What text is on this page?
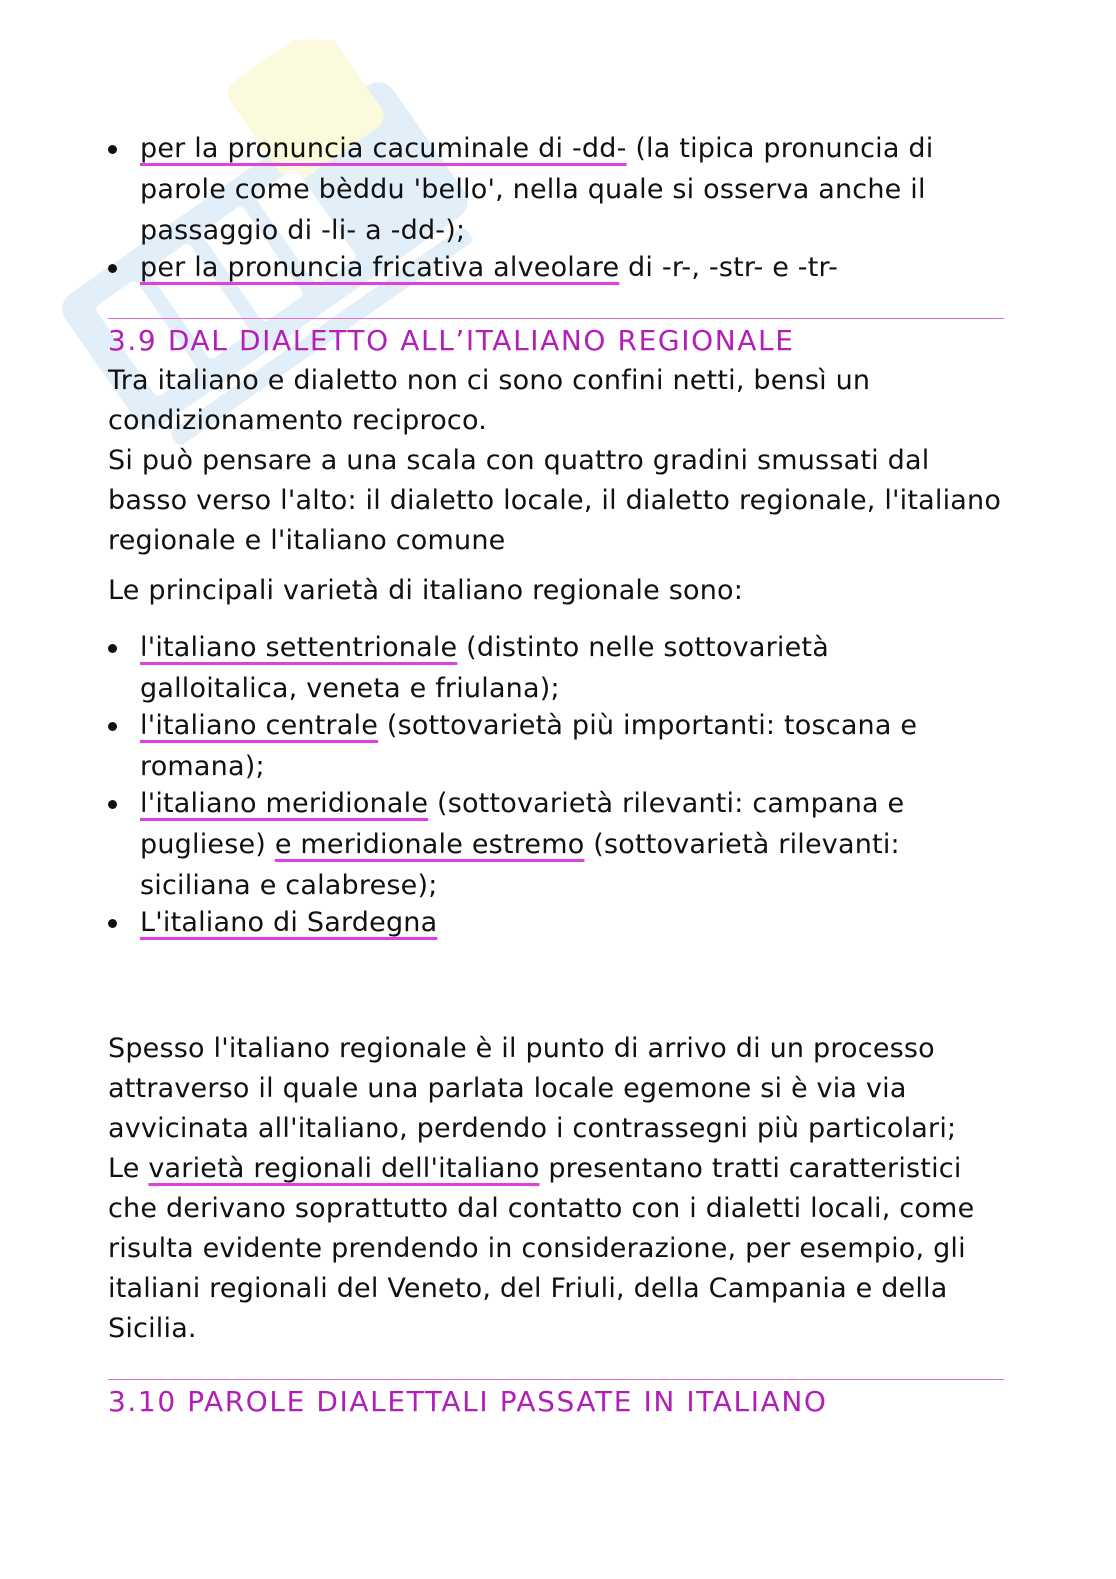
per la pronuncia cacuminale di -dd- (la tipica pronuncia di parole come bèddu 'bello', nella quale si osserva anche il passaggio di -li- a -dd-);
per la pronuncia fricativa alveolare di -r-, -str- e -tr-
3.9 DAL DIALETTO ALL’ITALIANO REGIONALE
Tra italiano e dialetto non ci sono confini netti, bensì un condizionamento reciproco.
Si può pensare a una scala con quattro gradini smussati dal basso verso l'alto: il dialetto locale, il dialetto regionale, l'italiano regionale e l'italiano comune
Le principali varietà di italiano regionale sono:
l'italiano settentrionale (distinto nelle sottovarietà galloitalica, veneta e friulana);
l'italiano centrale (sottovarietà più importanti: toscana e romana);
l'italiano meridionale (sottovarietà rilevanti: campana e pugliese) e meridionale estremo (sottovarietà rilevanti: siciliana e calabrese);
L'italiano di Sardegna
Spesso l'italiano regionale è il punto di arrivo di un processo attraverso il quale una parlata locale egemone si è via via avvicinata all'italiano, perdendo i contrassegni più particolari;
Le varietà regionali dell'italiano presentano tratti caratteristici che derivano soprattutto dal contatto con i dialetti locali, come risulta evidente prendendo in considerazione, per esempio, gli italiani regionali del Veneto, del Friuli, della Campania e della Sicilia.
3.10 PAROLE DIALETTALI PASSATE IN ITALIANO
